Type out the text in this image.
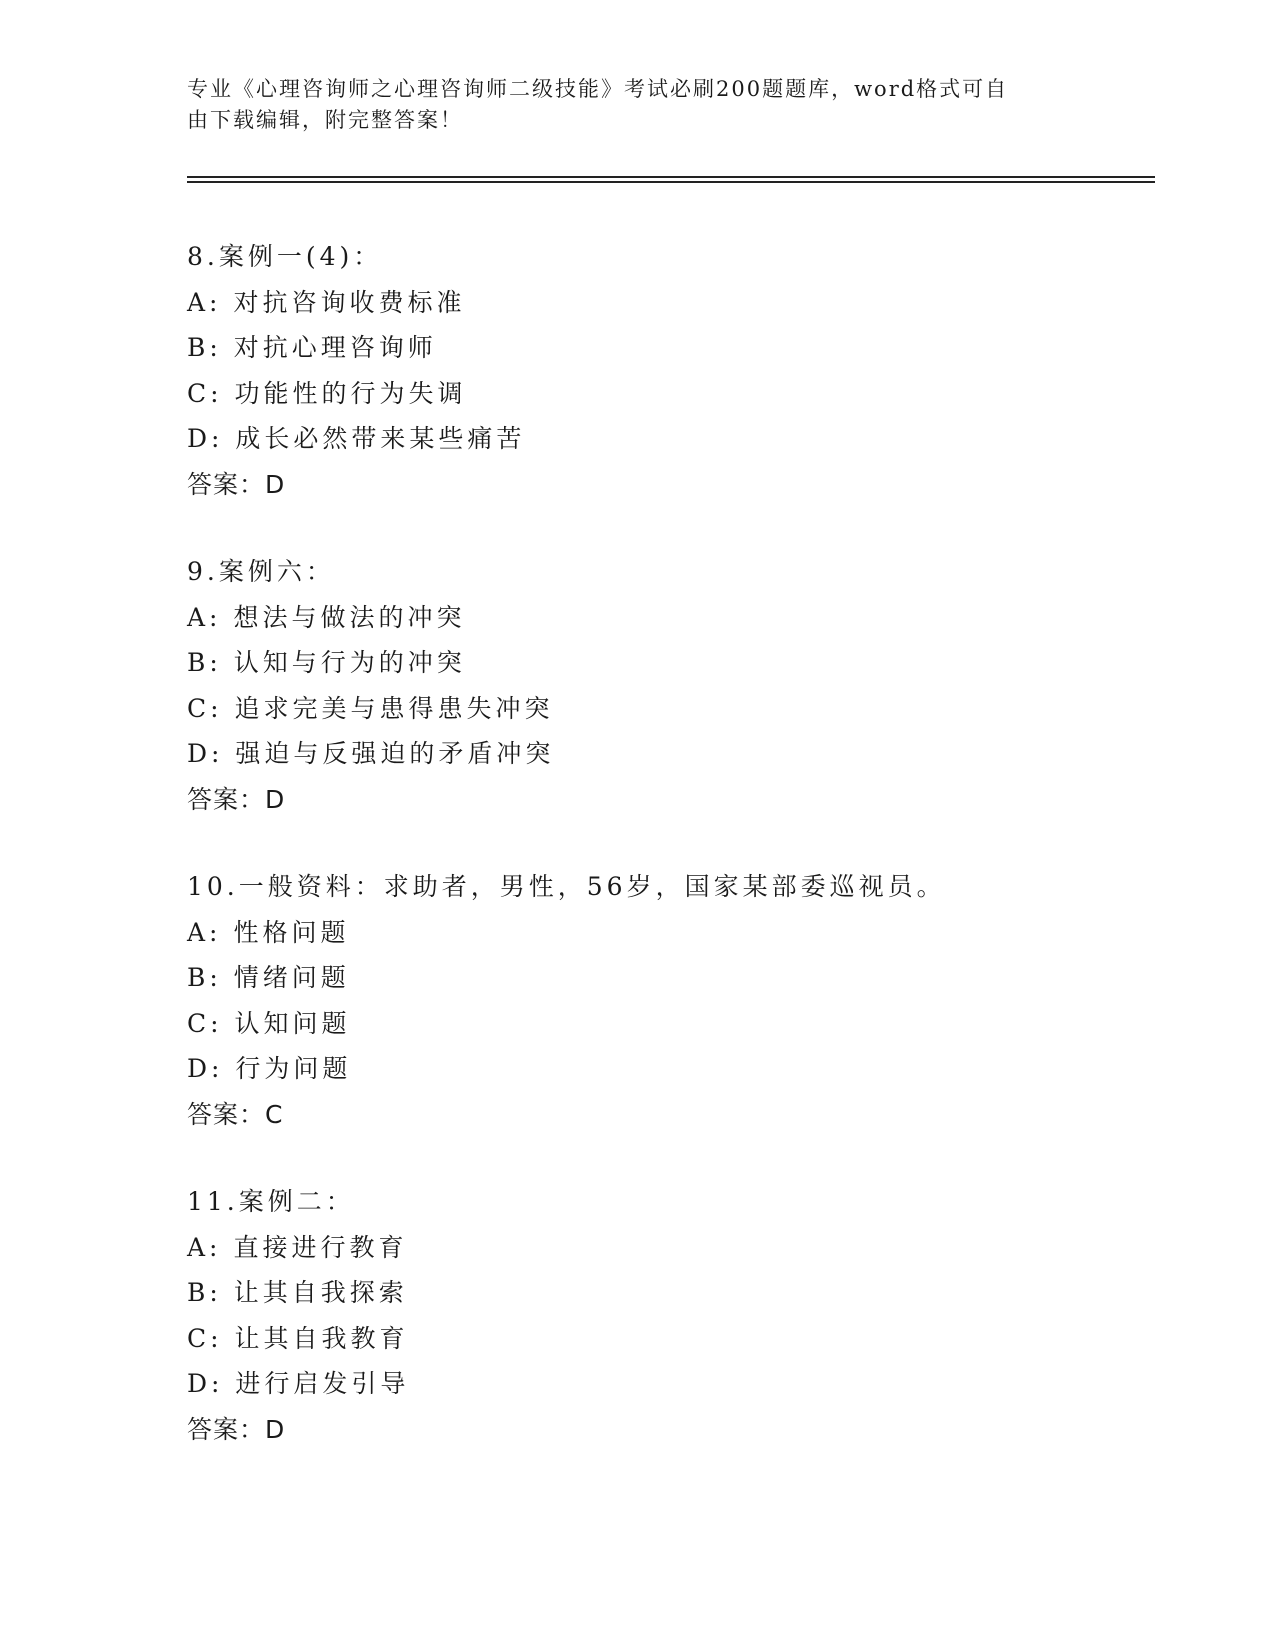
专业《心理咨询师之心理咨询师二级技能》考试必刷200题题库，word格式可自
由下载编辑，附完整答案！
8.案例一(4)：
A: 对抗咨询收费标准
B: 对抗心理咨询师
C: 功能性的行为失调
D: 成长必然带来某些痛苦
答案：D
9.案例六：
A: 想法与做法的冲突
B: 认知与行为的冲突
C: 追求完美与患得患失冲突
D: 强迫与反强迫的矛盾冲突
答案：D
10.一般资料：求助者，男性，56岁，国家某部委巡视员。
A: 性格问题
B: 情绪问题
C: 认知问题
D: 行为问题
答案：C
11.案例二：
A: 直接进行教育
B: 让其自我探索
C: 让其自我教育
D: 进行启发引导
答案：D
